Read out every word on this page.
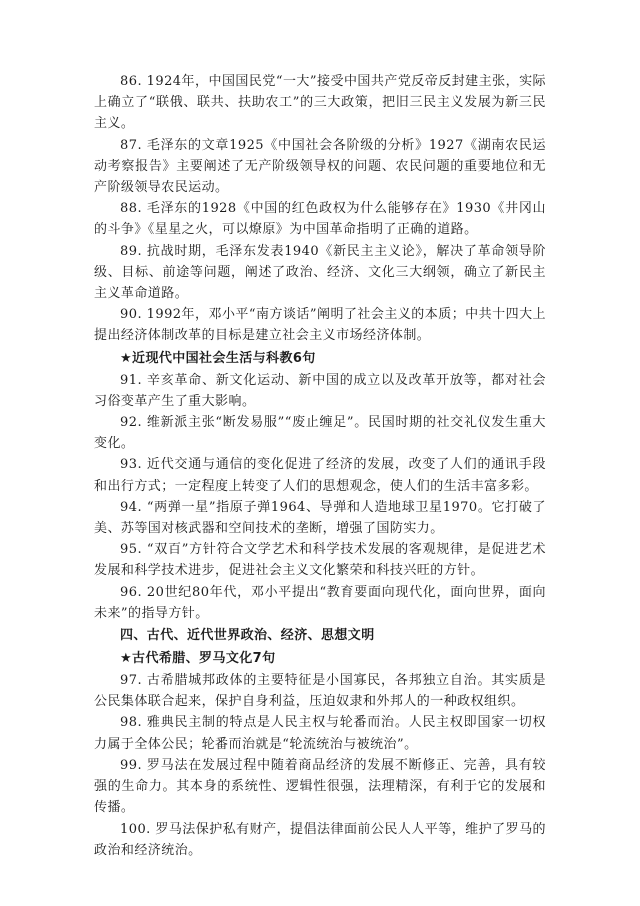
86. 1924年，中国国民党“一大”接受中国共产党反帝反封建主张，实际上确立了“联俄、联共、扶助农工”的三大政策，把旧三民主义发展为新三民主义。

87. 毛泽东的文章1925《中国社会各阶级的分析》1927《湖南农民运动考察报告》主要阐述了无产阶级领导权的问题、农民问题的重要地位和无产阶级领导农民运动。

88. 毛泽东的1928《中国的红色政权为什么能够存在》1930《井冈山的斗争》《星星之火，可以燎原》为中国革命指明了正确的道路。

89. 抗战时期，毛泽东发表1940《新民主主义论》，解决了革命领导阶级、目标、前途等问题，阐述了政治、经济、文化三大纲领，确立了新民主主义革命道路。

90. 1992年，邓小平“南方谈话”阐明了社会主义的本质；中共十四大上提出经济体制改革的目标是建立社会主义市场经济体制。

★近现代中国社会生活与科教6句

91. 辛亥革命、新文化运动、新中国的成立以及改革开放等，都对社会习俗变革产生了重大影响。

92. 维新派主张“断发易服”“废止缠足”。民国时期的社交礼仪发生重大变化。

93. 近代交通与通信的变化促进了经济的发展，改变了人们的通讯手段和出行方式；一定程度上转变了人们的思想观念，使人们的生活丰富多彩。

94. “两弹一星”指原子弹1964、导弹和人造地球卫星1970。它打破了美、苏等国对核武器和空间技术的垄断，增强了国防实力。

95. “双百”方针符合文学艺术和科学技术发展的客观规律，是促进艺术发展和科学技术进步，促进社会主义文化繁荣和科技兴旺的方针。

96. 20世纪80年代，邓小平提出“教育要面向现代化，面向世界，面向未来”的指导方针。

四、古代、近代世界政治、经济、思想文明

★古代希腊、罗马文化7句

97. 古希腊城邦政体的主要特征是小国寡民，各邦独立自治。其实质是公民集体联合起来，保护自身利益，压迫奴隶和外邦人的一种政权组织。

98. 雅典民主制的特点是人民主权与轮番而治。人民主权即国家一切权力属于全体公民；轮番而治就是“轮流统治与被统治”。

99. 罗马法在发展过程中随着商品经济的发展不断修正、完善，具有较强的生命力。其本身的系统性、逻辑性很强，法理精深，有利于它的发展和传播。

100. 罗马法保护私有财产，提倡法律面前公民人人平等，维护了罗马的政治和经济统治。
